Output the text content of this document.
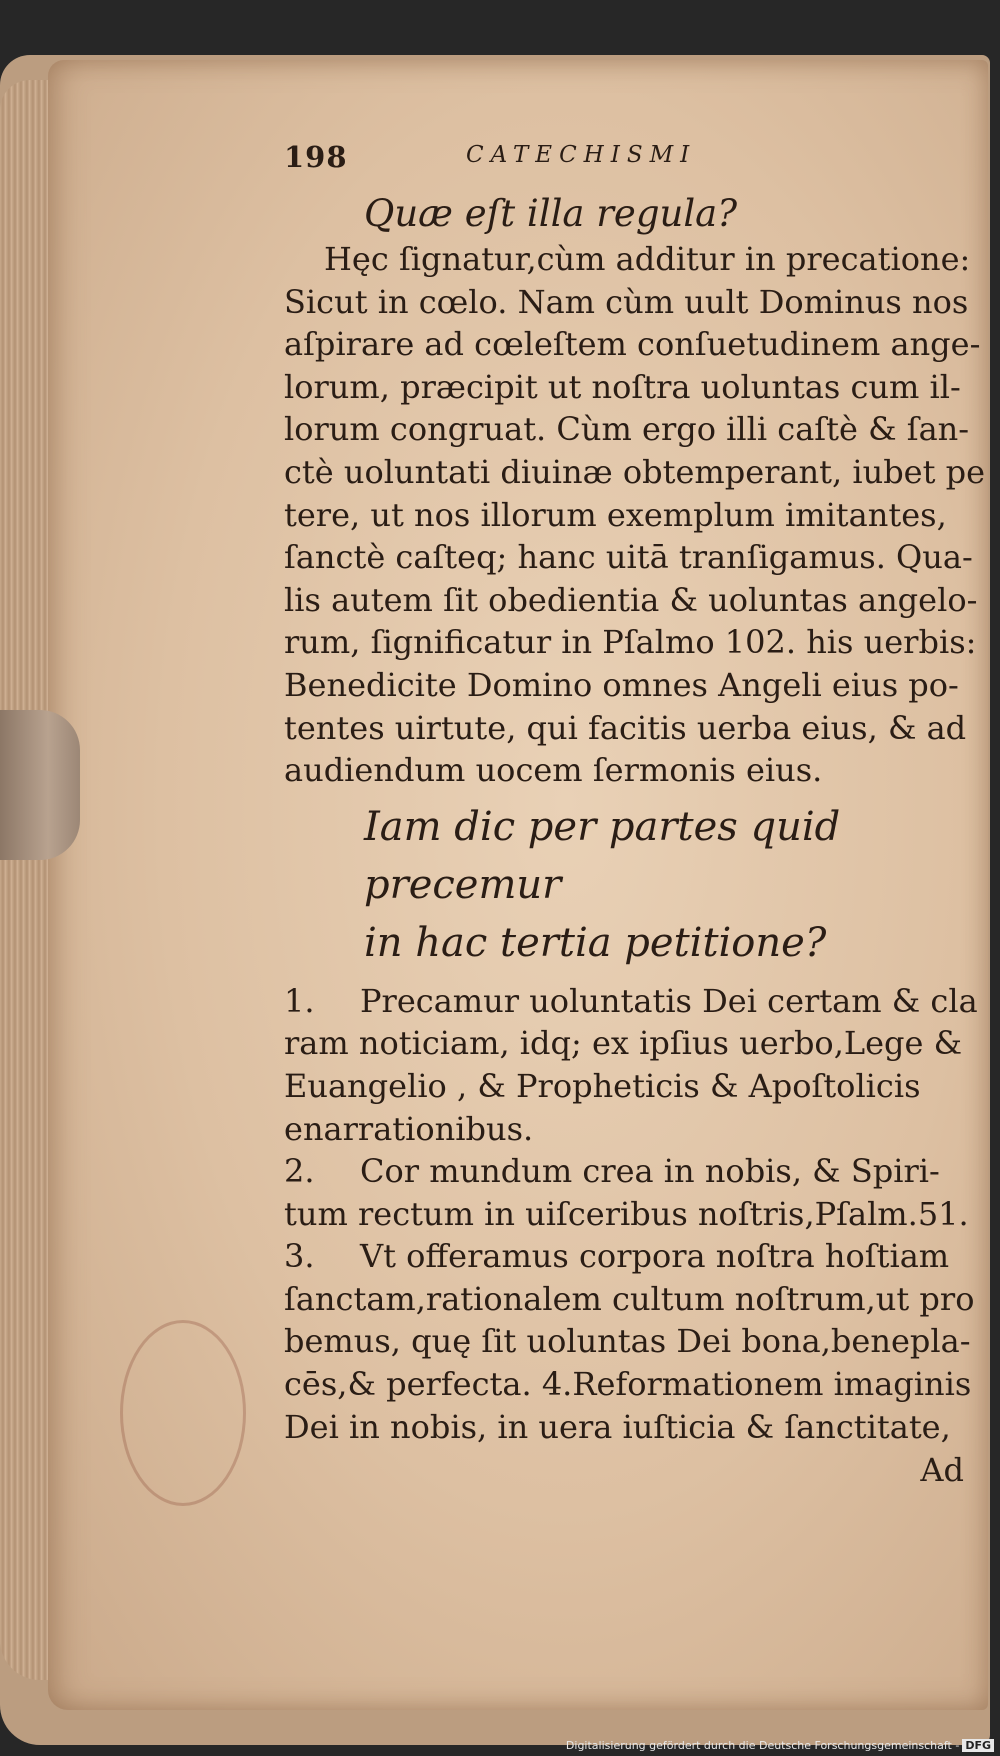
198	CATECHISMI

Quæ eſt illa regula?

Hęc ſignatur,cùm additur in precatione:
Sicut in cœlo. Nam cùm uult Dominus nos
aſpirare ad cœleſtem conſuetudinem ange-
lorum, præcipit ut noſtra uoluntas cum il-
lorum congruat. Cùm ergo illi caſtè & ſan-
ctè uoluntati diuinæ obtemperant, iubet pe
tere, ut nos illorum exemplum imitantes,
ſanctè caſteq; hanc uitā tranſigamus. Qua-
lis autem ſit obedientia & uoluntas angelo-
rum, ſignificatur in Pſalmo 102. his uerbis:
Benedicite Domino omnes Angeli eius po-
tentes uirtute, qui facitis uerba eius, & ad
audiendum uocem ſermonis eius.
Iam dic per partes quid precemur
in hac tertia petitione?
1. Precamur uoluntatis Dei certam & cla
ram noticiam, idq; ex ipſius uerbo,Lege &
Euangelio , & Propheticis & Apoſtolicis
enarrationibus.
2. Cor mundum crea in nobis, & Spiri-
tum rectum in uiſceribus noſtris,Pſalm.51.
3. Vt offeramus corpora noſtra hoſtiam
ſanctam,rationalem cultum noſtrum,ut pro
bemus, quę ſit uoluntas Dei bona,benepla-
cēs,& perfecta. 4.Reformationem imaginis
Dei in nobis, in uera iuſticia & ſanctitate,
Ad
Digitalisierung gefördert durch die Deutsche Forschungsgemeinschaft - DFG
